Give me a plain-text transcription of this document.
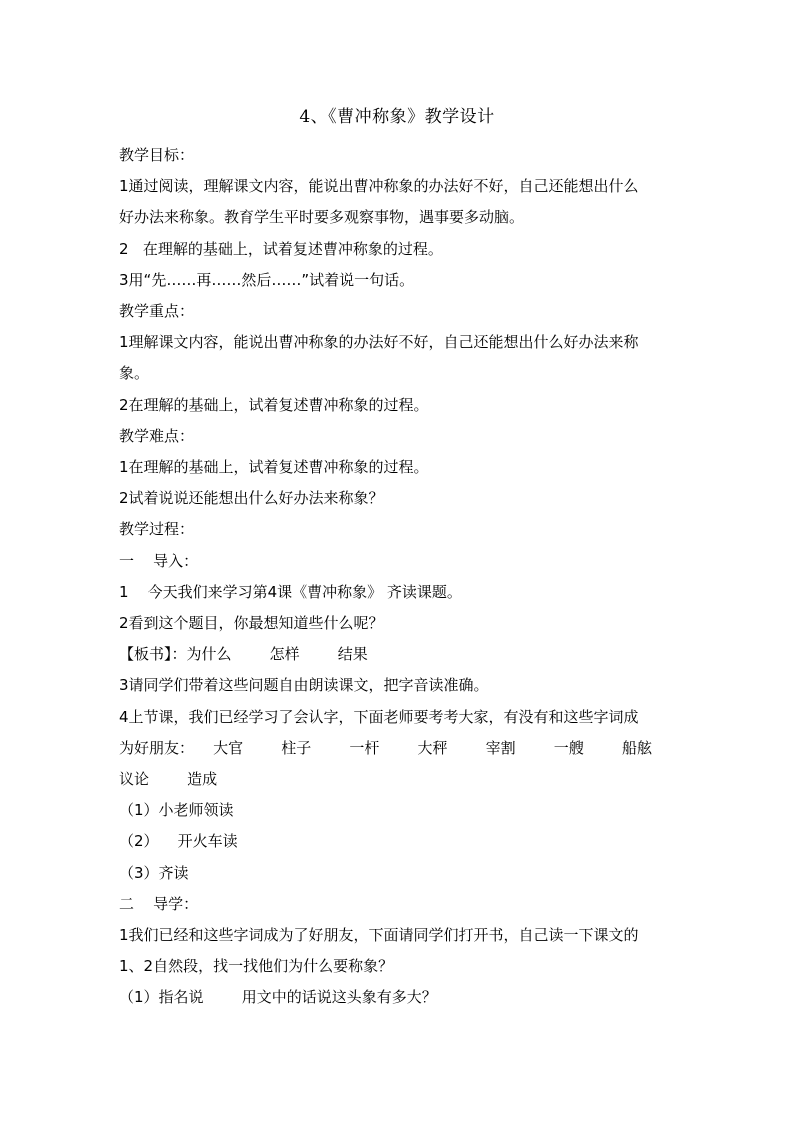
4、《曹冲称象》教学设计

教学目标：

1通过阅读，理解课文内容，能说出曹冲称象的办法好不好，自己还能想出什么

好办法来称象。教育学生平时要多观察事物，遇事要多动脑。

2   在理解的基础上，试着复述曹冲称象的过程。

3用“先……再……然后……”试着说一句话。

教学重点：

1理解课文内容，能说出曹冲称象的办法好不好，自己还能想出什么好办法来称

象。

2在理解的基础上，试着复述曹冲称象的过程。

教学难点：

1在理解的基础上，试着复述曹冲称象的过程。

2试着说说还能想出什么好办法来称象？

教学过程：

一    导入：

1    今天我们来学习第4课《曹冲称象》 齐读课题。

2看到这个题目，你最想知道些什么呢？

【板书】：为什么        怎样        结果

3请同学们带着这些问题自由朗读课文，把字音读准确。

4上节课，我们已经学习了会认字，下面老师要考考大家，有没有和这些字词成

为好朋友：    大官        柱子        一杆        大秤        宰割        一艘        船舷

议论        造成

（1）小老师领读

（2）    开火车读

（3）齐读

二    导学：

1我们已经和这些字词成为了好朋友，下面请同学们打开书，自己读一下课文的

1、2自然段，找一找他们为什么要称象？

（1）指名说        用文中的话说这头象有多大？
